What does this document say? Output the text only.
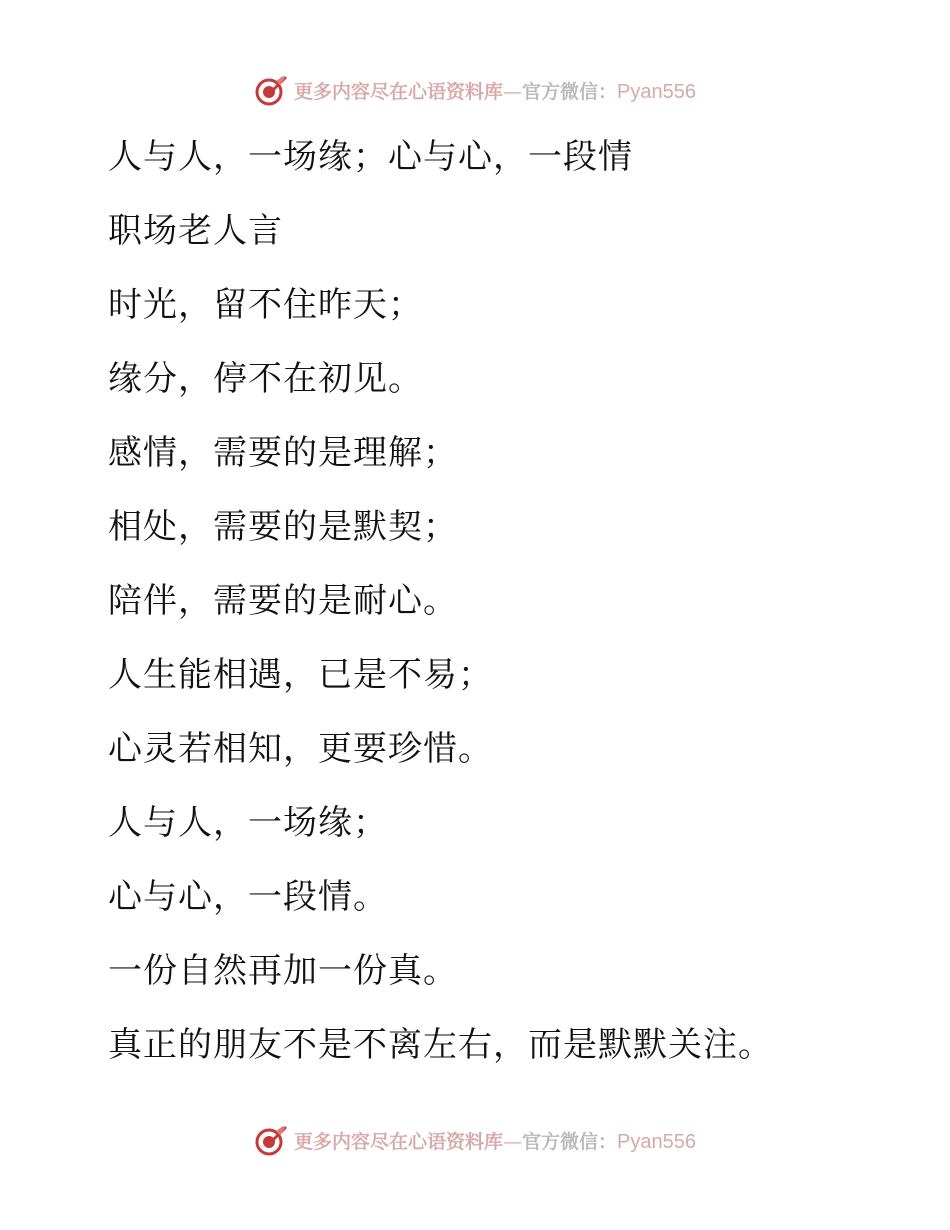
更多内容尽在心语资料库—官方微信：Pyan556
人与人，一场缘；心与心，一段情
职场老人言
时光，留不住昨天；
缘分，停不在初见。
感情，需要的是理解；
相处，需要的是默契；
陪伴，需要的是耐心。
人生能相遇，已是不易；
心灵若相知，更要珍惜。
人与人，一场缘；
心与心，一段情。
一份自然再加一份真。
真正的朋友不是不离左右，而是默默关注。
更多内容尽在心语资料库—官方微信：Pyan556
